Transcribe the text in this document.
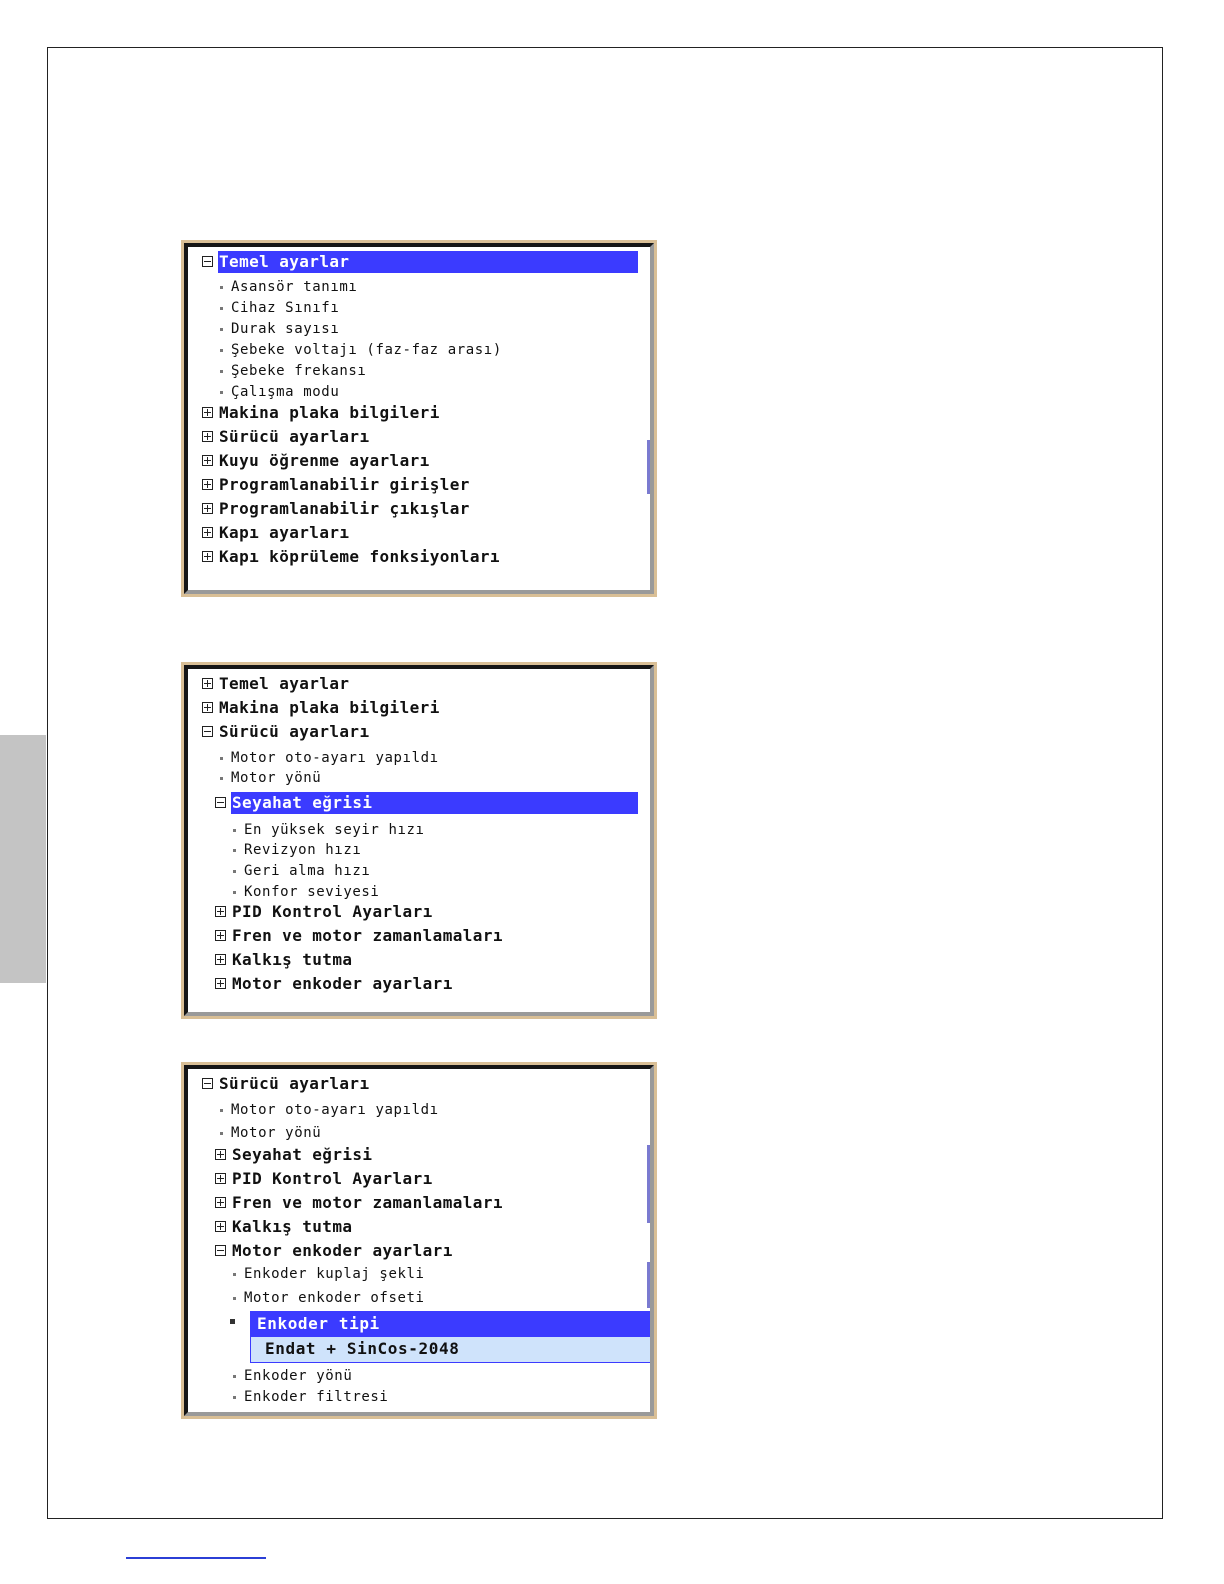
Temel ayarlar
Asansör tanımı
Cihaz Sınıfı
Durak sayısı
Şebeke voltajı (faz-faz arası)
Şebeke frekansı
Çalışma modu
Makina plaka bilgileri
Sürücü ayarları
Kuyu öğrenme ayarları
Programlanabilir girişler
Programlanabilir çıkışlar
Kapı ayarları
Kapı köprüleme fonksiyonları
Temel ayarlar
Makina plaka bilgileri
Sürücü ayarları
Motor oto-ayarı yapıldı
Motor yönü
Seyahat eğrisi
En yüksek seyir hızı
Revizyon hızı
Geri alma hızı
Konfor seviyesi
PID Kontrol Ayarları
Fren ve motor zamanlamaları
Kalkış tutma
Motor enkoder ayarları
Sürücü ayarları
Motor oto-ayarı yapıldı
Motor yönü
Seyahat eğrisi
PID Kontrol Ayarları
Fren ve motor zamanlamaları
Kalkış tutma
Motor enkoder ayarları
Enkoder kuplaj şekli
Motor enkoder ofseti
Enkoder tipi
Endat + SinCos-2048
Enkoder yönü
Enkoder filtresi
